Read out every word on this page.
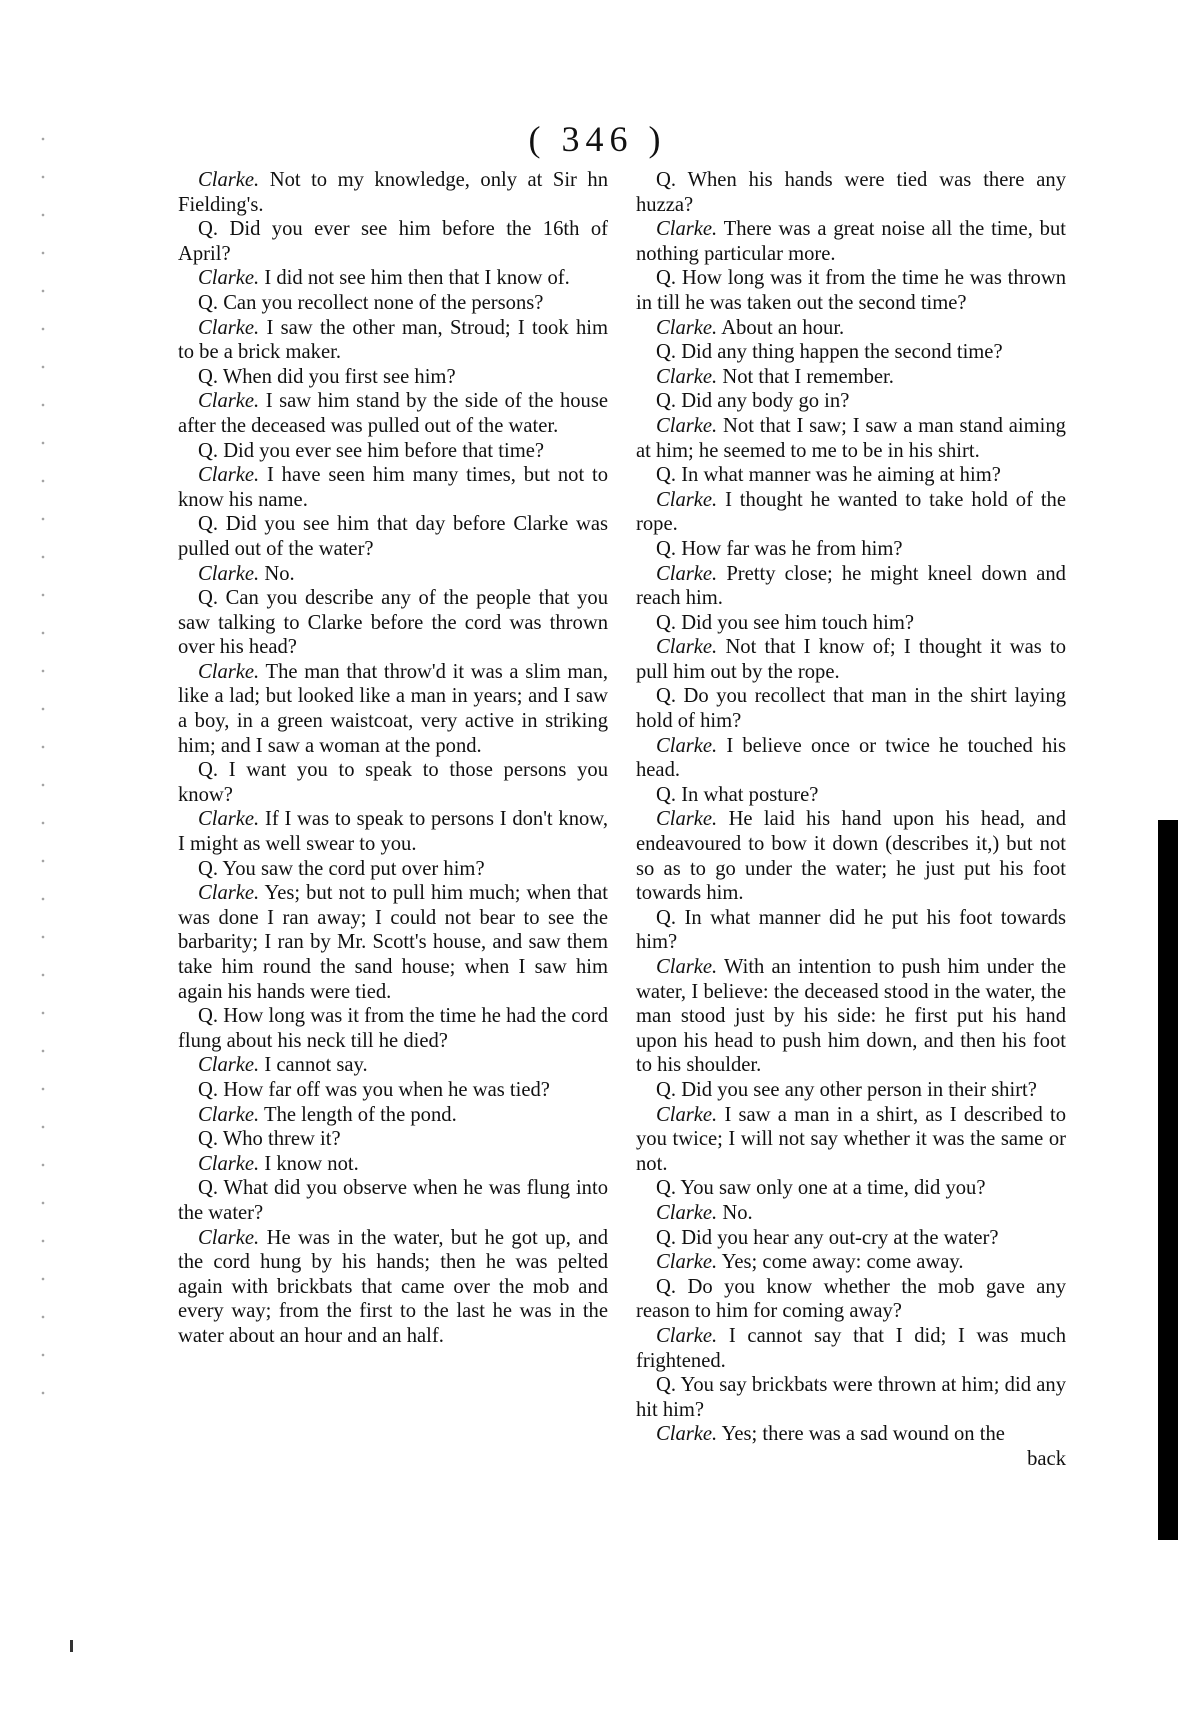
( 346 )

Clarke. Not to my knowledge, only at Sir hn Fielding's.

Q. Did you ever see him before the 16th of April?

Clarke. I did not see him then that I know of.

Q. Can you recollect none of the persons?

Clarke. I saw the other man, Stroud; I took him to be a brick maker.

Q. When did you first see him?

Clarke. I saw him stand by the side of the house after the deceased was pulled out of the water.

Q. Did you ever see him before that time?

Clarke. I have seen him many times, but not to know his name.

Q. Did you see him that day before Clarke was pulled out of the water?

Clarke. No.

Q. Can you describe any of the people that you saw talking to Clarke before the cord was thrown over his head?

Clarke. The man that throw'd it was a slim man, like a lad; but looked like a man in years; and I saw a boy, in a green waistcoat, very active in striking him; and I saw a woman at the pond.

Q. I want you to speak to those persons you know?

Clarke. If I was to speak to persons I don't know, I might as well swear to you.

Q. You saw the cord put over him?

Clarke. Yes; but not to pull him much; when that was done I ran away; I could not bear to see the barbarity; I ran by Mr. Scott's house, and saw them take him round the sand house; when I saw him again his hands were tied.

Q. How long was it from the time he had the cord flung about his neck till he died?

Clarke. I cannot say.

Q. How far off was you when he was tied?

Clarke. The length of the pond.

Q. Who threw it?

Clarke. I know not.

Q. What did you observe when he was flung into the water?

Clarke. He was in the water, but he got up, and the cord hung by his hands; then he was pelted again with brickbats that came over the mob and every way; from the first to the last he was in the water about an hour and an half.

Q. When his hands were tied was there any huzza?

Clarke. There was a great noise all the time, but nothing particular more.

Q. How long was it from the time he was thrown in till he was taken out the second time?

Clarke. About an hour.

Q. Did any thing happen the second time?

Clarke. Not that I remember.

Q. Did any body go in?

Clarke. Not that I saw; I saw a man stand aiming at him; he seemed to me to be in his shirt.

Q. In what manner was he aiming at him?

Clarke. I thought he wanted to take hold of the rope.

Q. How far was he from him?

Clarke. Pretty close; he might kneel down and reach him.

Q. Did you see him touch him?

Clarke. Not that I know of; I thought it was to pull him out by the rope.

Q. Do you recollect that man in the shirt laying hold of him?

Clarke. I believe once or twice he touched his head.

Q. In what posture?

Clarke. He laid his hand upon his head, and endeavoured to bow it down (describes it,) but not so as to go under the water; he just put his foot towards him.

Q. In what manner did he put his foot towards him?

Clarke. With an intention to push him under the water, I believe: the deceased stood in the water, the man stood just by his side: he first put his hand upon his head to push him down, and then his foot to his shoulder.

Q. Did you see any other person in their shirt?

Clarke. I saw a man in a shirt, as I described to you twice; I will not say whether it was the same or not.

Q. You saw only one at a time, did you?

Clarke. No.

Q. Did you hear any out-cry at the water?

Clarke. Yes; come away: come away.

Q. Do you know whether the mob gave any reason to him for coming away?

Clarke. I cannot say that I did; I was much frightened.

Q. You say brickbats were thrown at him; did any hit him?

Clarke. Yes; there was a sad wound on the

back
